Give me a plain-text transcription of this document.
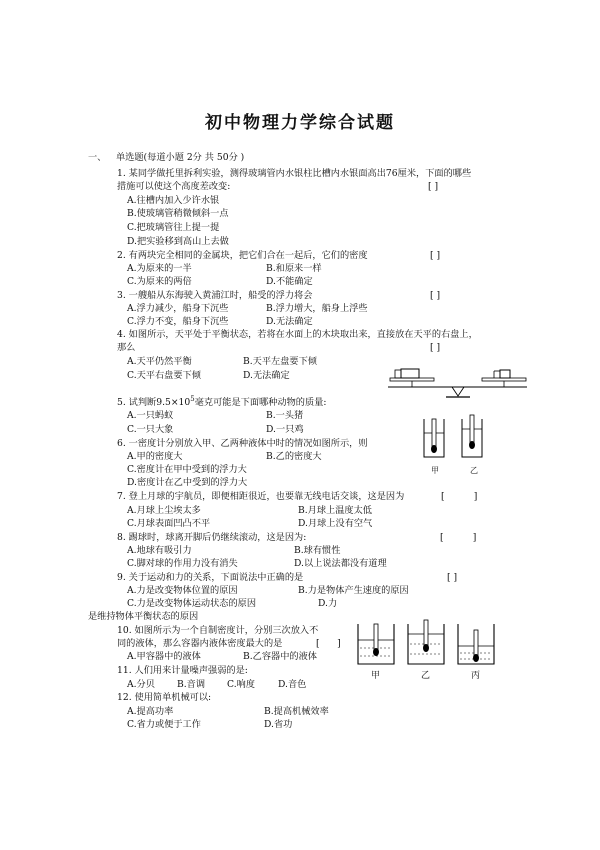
初中物理力学综合试题
一、 单选题(每道小题 2分 共 50分 )
1. 某同学做托里拆利实验，测得玻璃管内水银柱比槽内水银面高出76厘米，下面的哪些
措施可以使这个高度差改变:	[ ]
A.往槽内加入少许水银
B.使玻璃管稍微倾斜一点
C.把玻璃管往上提一提
D.把实验移到高山上去做
2. 有两块完全相同的金属块，把它们合在一起后，它们的密度	[ ]
A.为原来的一半	B.和原来一样
C.为原来的两倍	D.不能确定
3. 一艘船从东海驶入黄浦江时，船受的浮力将会	[ ]
A.浮力减少，船身下沉些	B.浮力增大，船身上浮些
C.浮力不变，船身下沉些	D.无法确定
4. 如图所示，天平处于平衡状态，若将在水面上的木块取出来，直接放在天平的右盘上，
那么	[ ]
A.天平仍然平衡	B.天平左盘要下倾
C.天平右盘要下倾	D.无法确定
5. 试判断$9.5\times 10^5$毫克可能是下面哪种动物的质量:
A.一只蚂蚁	B.一头猪
C.一只大象	D.一只鸡
6. 一密度计分别放入甲、乙两种液体中时的情况如图所示，则
A.甲的密度大	B.乙的密度大
C.密度计在甲中受到的浮力大
D.密度计在乙中受到的浮力大
甲	乙
7. 登上月球的宇航员，即便相距很近，也要靠无线电话交谈，这是因为	[          ]
A.月球上尘埃太多	B.月球上温度太低
C.月球表面凹凸不平	D.月球上没有空气
8. 踢球时，球离开脚后仍继续滚动，这是因为:	[          ]
A.地球有吸引力	B.球有惯性
C.脚对球的作用力没有消失	D.以上说法都没有道理
9. 关于运动和力的关系，下面说法中正确的是	[ ]
A.力是改变物体位置的原因	B.力是物体产生速度的原因
C.力是改变物体运动状态的原因	D.力
是维持物体平衡状态的原因
10. 如图所示为一个自制密度计，分别三次放入不
同的液体，那么容器内液体密度最大的是	[      ]
A.甲容器中的液体	B.乙容器中的液体
甲	乙	丙
11. 人们用来计量噪声强弱的是:
A.分贝 B.音调 C.响度	D.音色
12. 使用简单机械可以:
A.提高功率	B.提高机械效率
C.省力或便于工作	D.省功
